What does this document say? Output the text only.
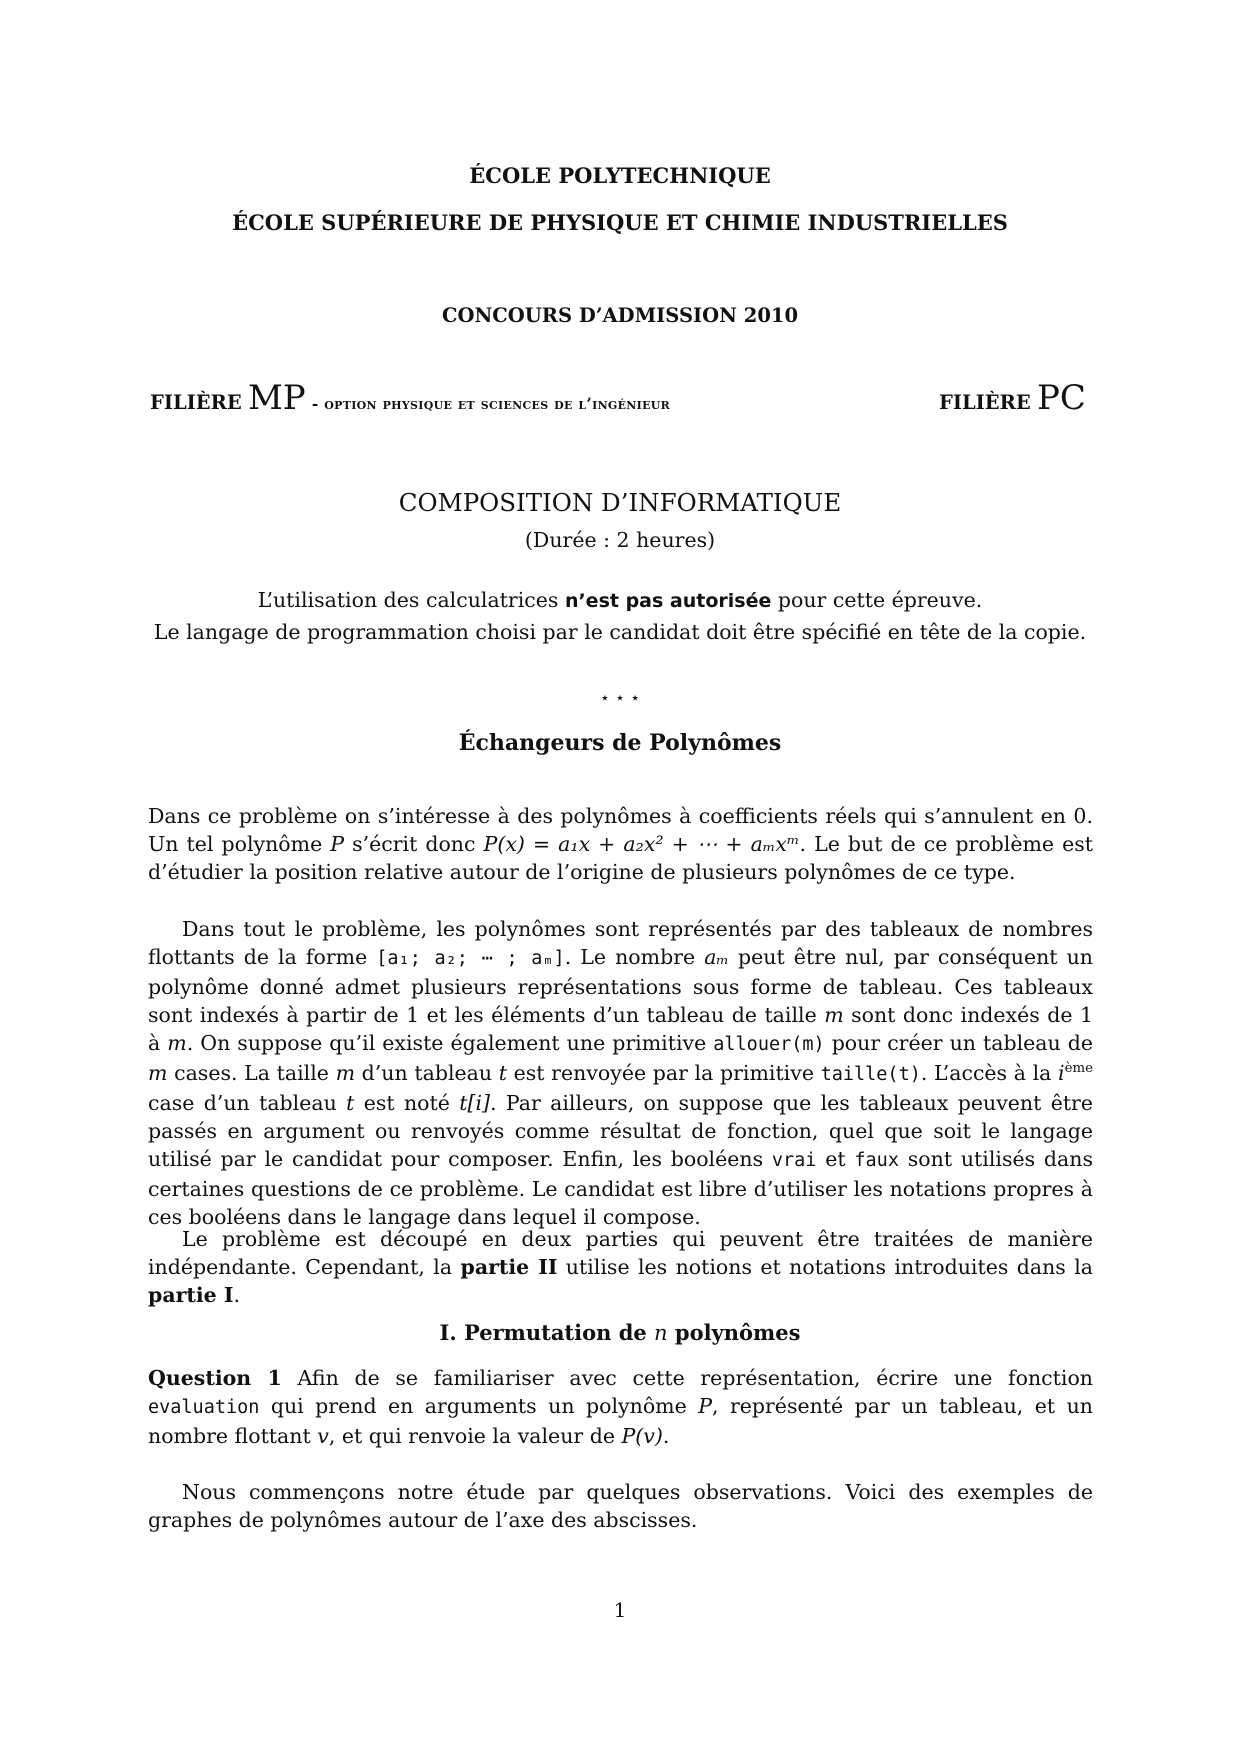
ÉCOLE POLYTECHNIQUE
ÉCOLE SUPÉRIEURE DE PHYSIQUE ET CHIMIE INDUSTRIELLES
CONCOURS D’ADMISSION 2010
FILIÈRE MP - option physique et sciences de l’ingénieur	FILIÈRE PC
COMPOSITION D’INFORMATIQUE
(Durée : 2 heures)
L’utilisation des calculatrices n’est pas autorisée pour cette épreuve.
Le langage de programmation choisi par le candidat doit être spécifié en tête de la copie.
⋆ ⋆ ⋆
Échangeurs de Polynômes
Dans ce problème on s’intéresse à des polynômes à coefficients réels qui s’annulent en 0. Un tel polynôme P s’écrit donc P(x) = a₁x + a₂x² + ⋯ + aₘxᵐ. Le but de ce problème est d’étudier la position relative autour de l’origine de plusieurs polynômes de ce type.
Dans tout le problème, les polynômes sont représentés par des tableaux de nombres flottants de la forme [a₁; a₂; ⋯ ; aₘ]. Le nombre aₘ peut être nul, par conséquent un polynôme donné admet plusieurs représentations sous forme de tableau. Ces tableaux sont indexés à partir de 1 et les éléments d’un tableau de taille m sont donc indexés de 1 à m. On suppose qu’il existe également une primitive allouer(m) pour créer un tableau de m cases. La taille m d’un tableau t est renvoyée par la primitive taille(t). L’accès à la $i^{ème}$ case d’un tableau t est noté t[i]. Par ailleurs, on suppose que les tableaux peuvent être passés en argument ou renvoyés comme résultat de fonction, quel que soit le langage utilisé par le candidat pour composer. Enfin, les booléens vrai et faux sont utilisés dans certaines questions de ce problème. Le candidat est libre d’utiliser les notations propres à ces booléens dans le langage dans lequel il compose.
Le problème est découpé en deux parties qui peuvent être traitées de manière indépendante. Cependant, la partie II utilise les notions et notations introduites dans la partie I.
I. Permutation de n polynômes
Question 1 Afin de se familiariser avec cette représentation, écrire une fonction evaluation qui prend en arguments un polynôme P, représenté par un tableau, et un nombre flottant v, et qui renvoie la valeur de P(v).
Nous commençons notre étude par quelques observations. Voici des exemples de graphes de polynômes autour de l’axe des abscisses.
1
